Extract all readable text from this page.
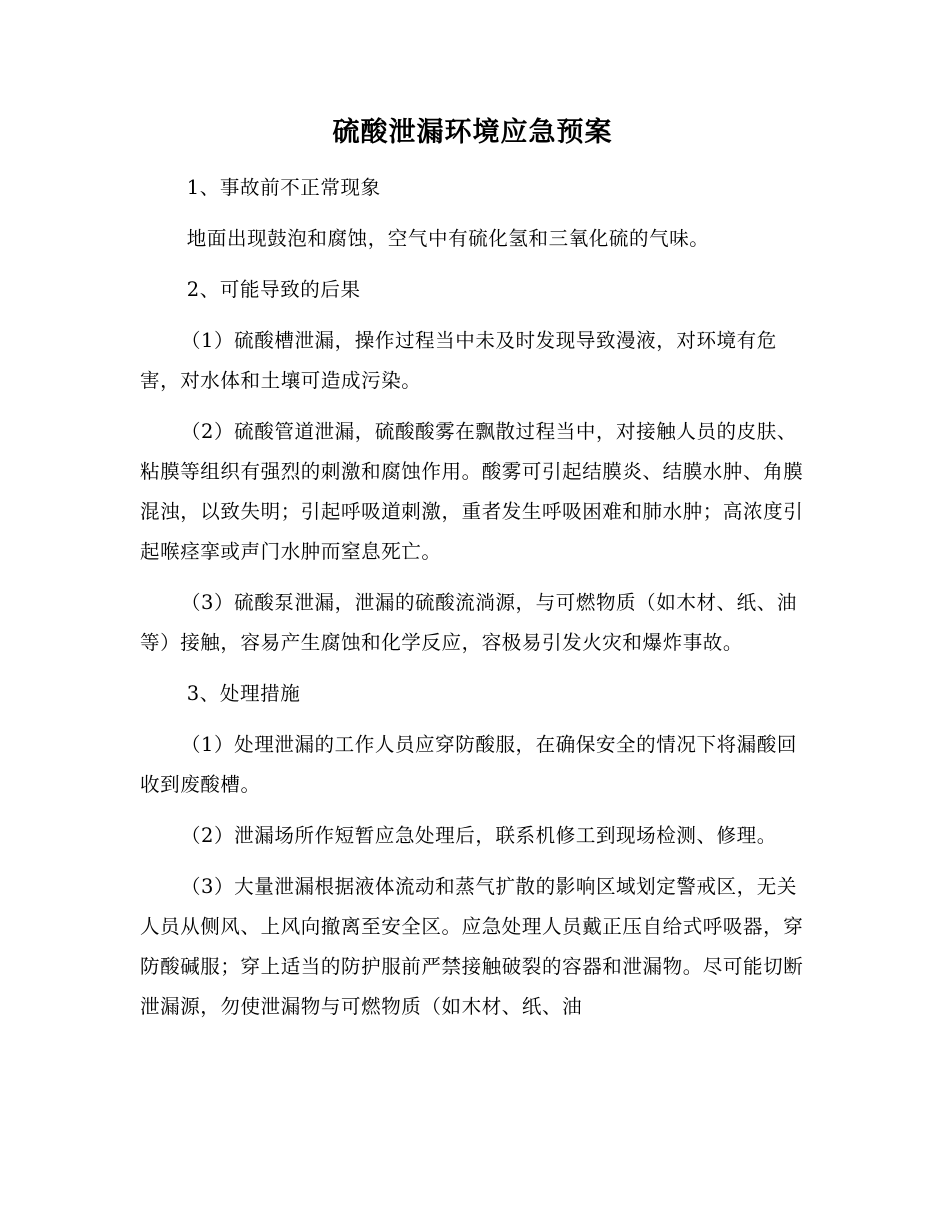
硫酸泄漏环境应急预案

1、事故前不正常现象

地面出现鼓泡和腐蚀，空气中有硫化氢和三氧化硫的气味。

2、可能导致的后果

（1）硫酸槽泄漏，操作过程当中未及时发现导致漫液，对环境有危害，对水体和土壤可造成污染。

（2）硫酸管道泄漏，硫酸酸雾在飘散过程当中，对接触人员的皮肤、粘膜等组织有强烈的刺激和腐蚀作用。酸雾可引起结膜炎、结膜水肿、角膜混浊，以致失明；引起呼吸道刺激，重者发生呼吸困难和肺水肿；高浓度引起喉痉挛或声门水肿而窒息死亡。

（3）硫酸泵泄漏，泄漏的硫酸流淌源，与可燃物质（如木材、纸、油等）接触，容易产生腐蚀和化学反应，容极易引发火灾和爆炸事故。

3、处理措施

（1）处理泄漏的工作人员应穿防酸服，在确保安全的情况下将漏酸回收到废酸槽。

（2）泄漏场所作短暂应急处理后，联系机修工到现场检测、修理。

（3）大量泄漏根据液体流动和蒸气扩散的影响区域划定警戒区，无关人员从侧风、上风向撤离至安全区。应急处理人员戴正压自给式呼吸器，穿防酸碱服；穿上适当的防护服前严禁接触破裂的容器和泄漏物。尽可能切断泄漏源，勿使泄漏物与可燃物质（如木材、纸、油
